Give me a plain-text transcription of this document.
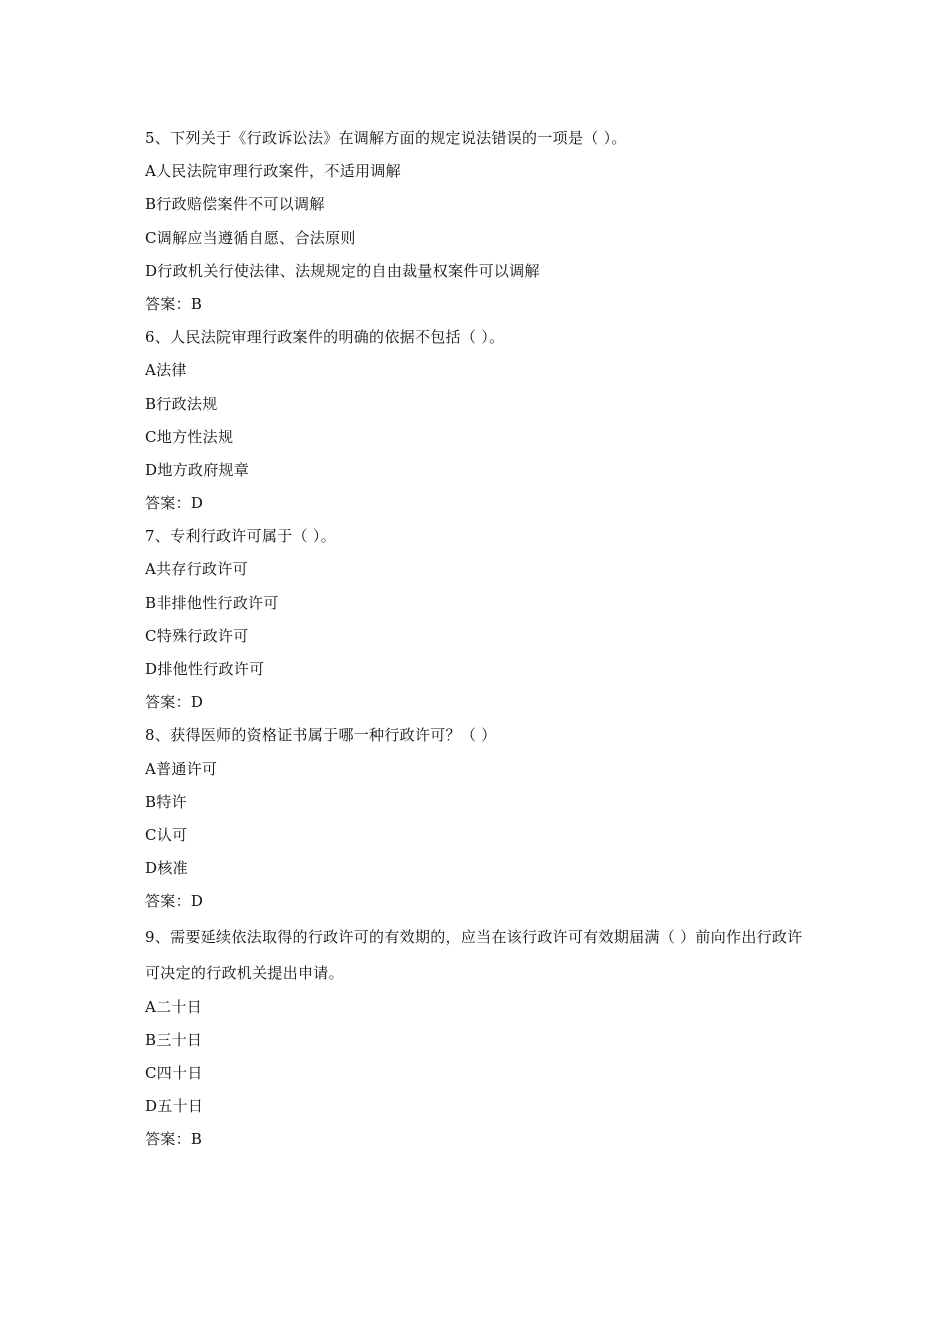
5、下列关于《行政诉讼法》在调解方面的规定说法错误的一项是（ ）。
A人民法院审理行政案件，不适用调解
B行政赔偿案件不可以调解
C调解应当遵循自愿、合法原则
D行政机关行使法律、法规规定的自由裁量权案件可以调解
答案：B
6、人民法院审理行政案件的明确的依据不包括（ ）。
A法律
B行政法规
C地方性法规
D地方政府规章
答案：D
7、专利行政许可属于（ ）。
A共存行政许可
B非排他性行政许可
C特殊行政许可
D排他性行政许可
答案：D
8、获得医师的资格证书属于哪一种行政许可？（ ）
A普通许可
B特许
C认可
D核准
答案：D
9、需要延续依法取得的行政许可的有效期的，应当在该行政许可有效期届满（ ）前向作出行政许可决定的行政机关提出申请。
A二十日
B三十日
C四十日
D五十日
答案：B
